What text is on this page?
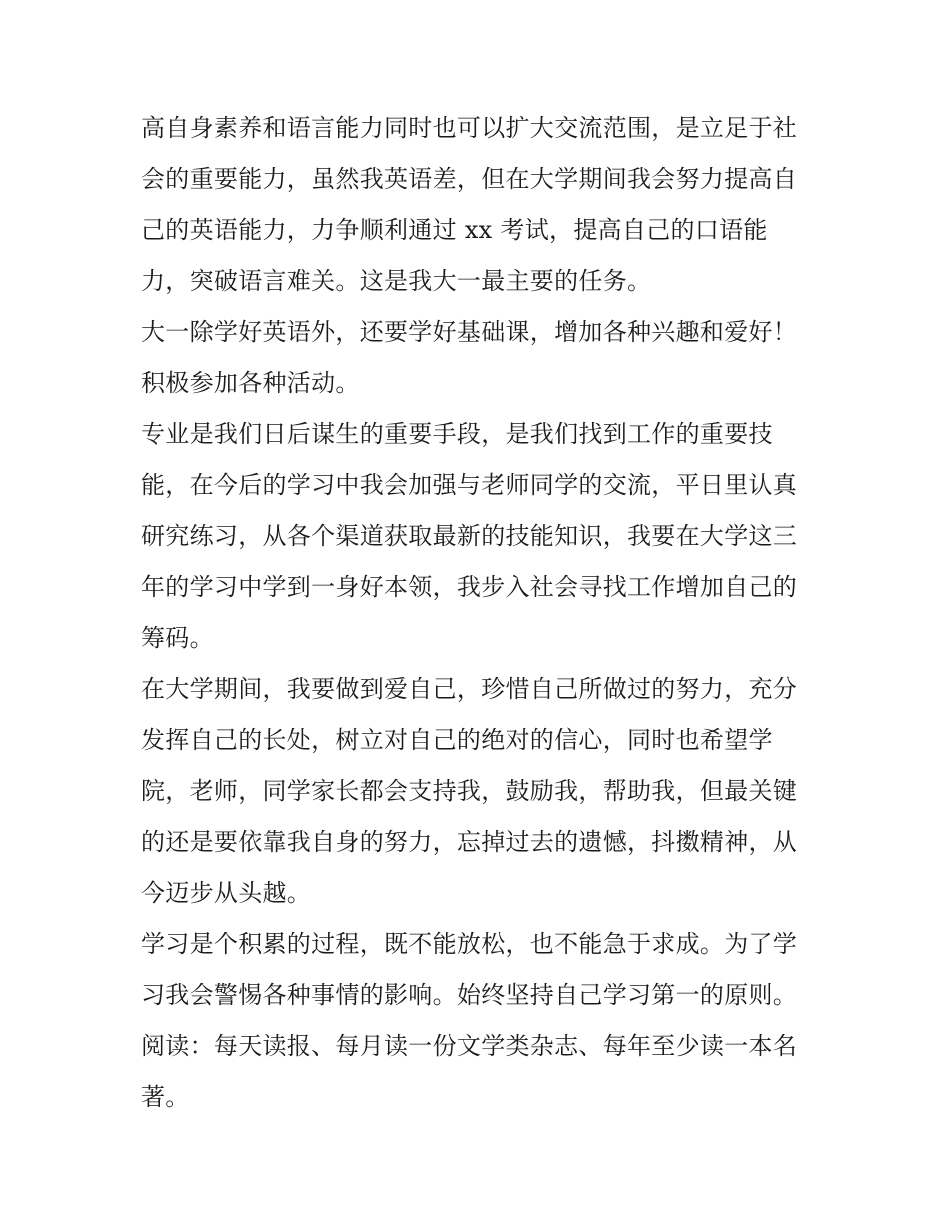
高自身素养和语言能力同时也可以扩大交流范围，是立足于社
会的重要能力，虽然我英语差，但在大学期间我会努力提高自
己的英语能力，力争顺利通过 xx 考试，提高自己的口语能
力，突破语言难关。这是我大一最主要的任务。
大一除学好英语外，还要学好基础课，增加各种兴趣和爱好！
积极参加各种活动。
专业是我们日后谋生的重要手段，是我们找到工作的重要技
能，在今后的学习中我会加强与老师同学的交流，平日里认真
研究练习，从各个渠道获取最新的技能知识，我要在大学这三
年的学习中学到一身好本领，我步入社会寻找工作增加自己的
筹码。
在大学期间，我要做到爱自己，珍惜自己所做过的努力，充分
发挥自己的长处，树立对自己的绝对的信心，同时也希望学
院，老师，同学家长都会支持我，鼓励我，帮助我，但最关键
的还是要依靠我自身的努力，忘掉过去的遗憾，抖擞精神，从
今迈步从头越。
学习是个积累的过程，既不能放松，也不能急于求成。为了学
习我会警惕各种事情的影响。始终坚持自己学习第一的原则。
阅读：每天读报、每月读一份文学类杂志、每年至少读一本名
著。
